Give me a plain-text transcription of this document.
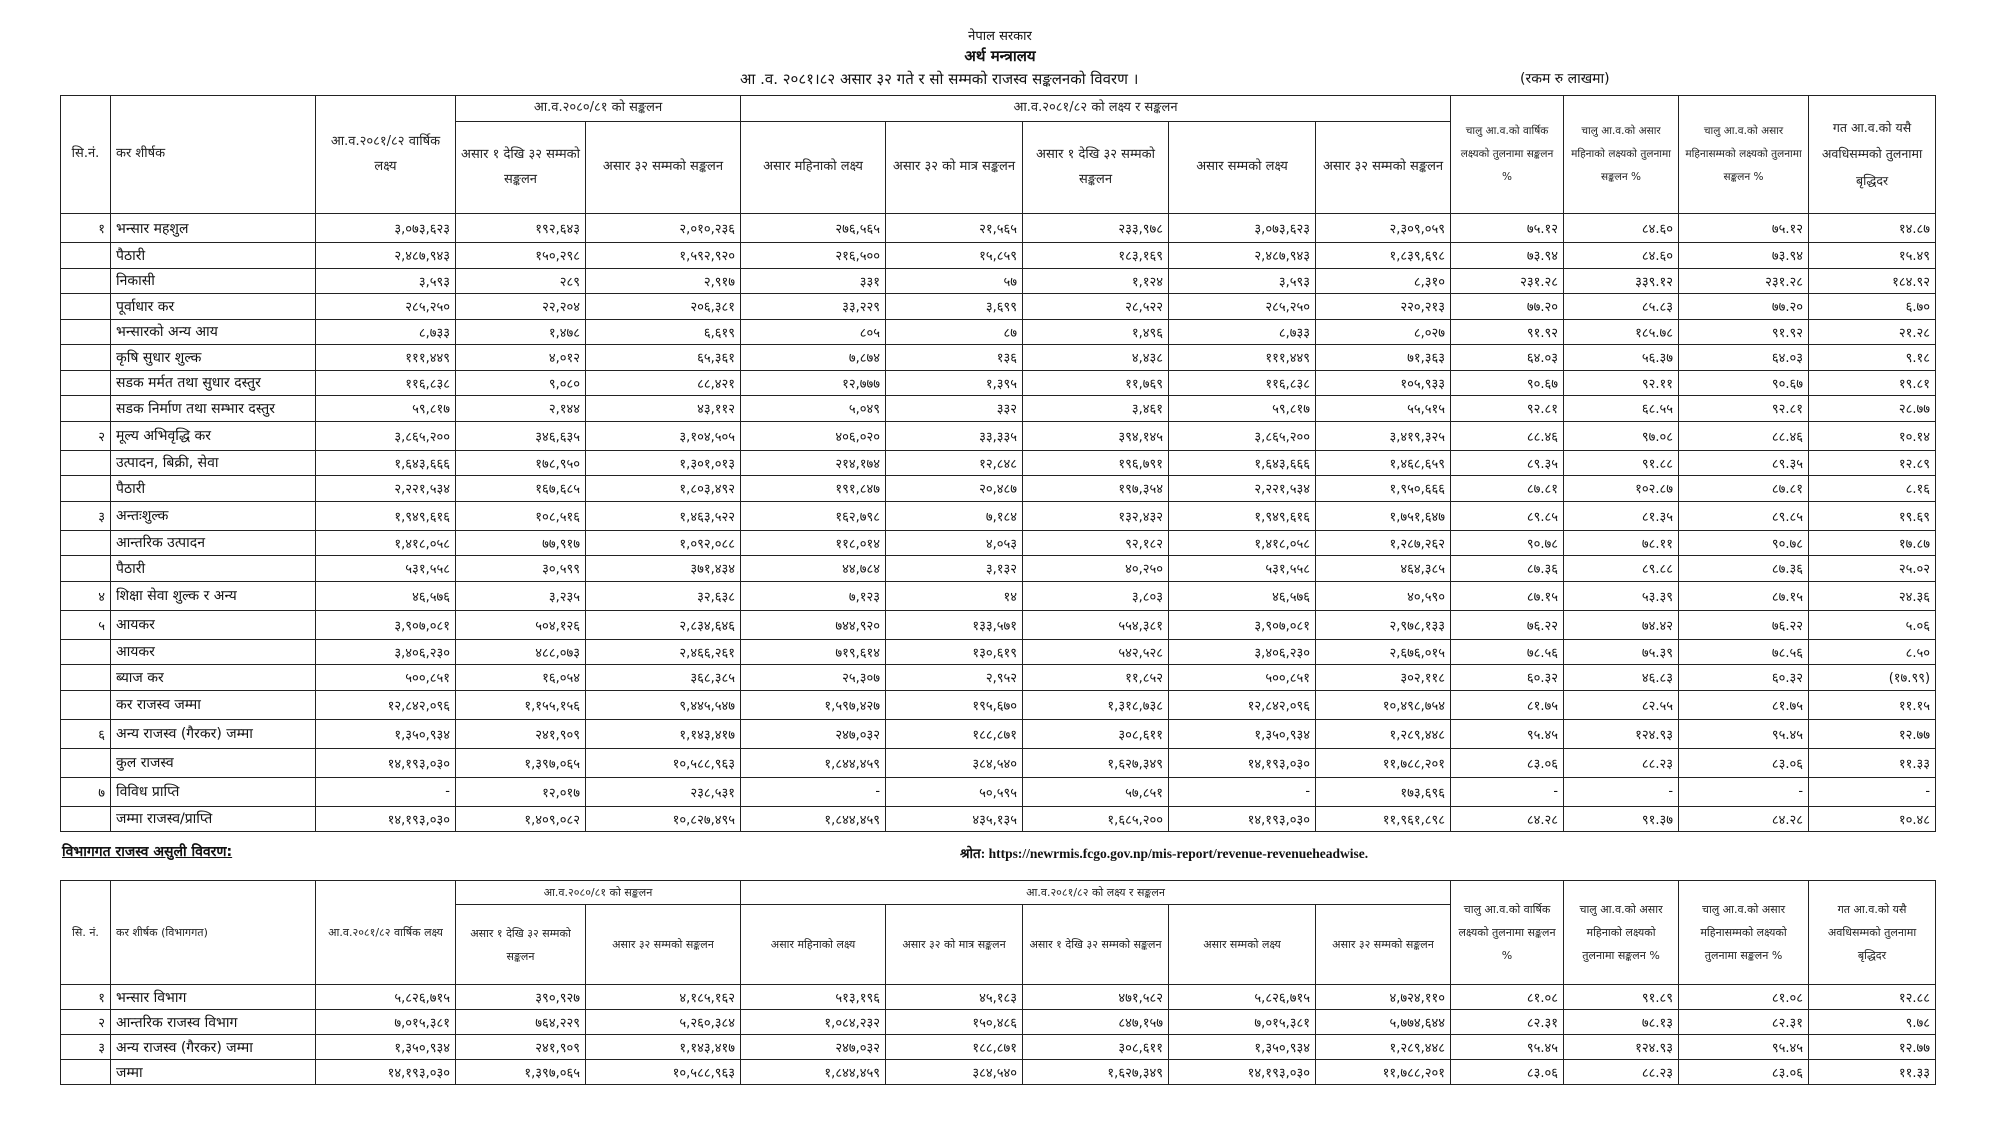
नेपाल सरकार
अर्थ मन्त्रालय
आ .व. २०८१।८२ असार ३२ गते र सो सम्मको राजस्व सङ्कलनको विवरण ।	(रकम रु लाखमा)
सि.नं.	कर शीर्षक	आ.व.२०८१/८२ वार्षिक लक्ष्य	आ.व.२०८०/८१ को सङ्कलन		आ.व.२०८१/८२ को लक्ष्य र सङ्कलन					चालु आ.व.को वार्षिक लक्ष्यको तुलनामा सङ्कलन %	चालु आ.व.को असार महिनाको लक्ष्यको तुलनामा सङ्कलन %	चालु आ.व.को असार महिनासम्मको लक्ष्यको तुलनामा सङ्कलन %	गत आ.व.को यसै अवधिसम्मको तुलनामा बृद्धिदर
			असार १ देखि ३२ सम्मको सङ्कलन	असार ३२ सम्मको सङ्कलन	असार महिनाको लक्ष्य	असार ३२ को मात्र सङ्कलन	असार १ देखि ३२ सम्मको सङ्कलन	असार सम्मको लक्ष्य	असार ३२ सम्मको सङ्कलन				
१	भन्सार महशुल	३,०७३,६२३	१९२,६४३	२,०१०,२३६	२७६,५६५	२१,५६५	२३३,९७८	३,०७३,६२३	२,३०९,०५९	७५.१२	८४.६०	७५.१२	१४.८७
	पैठारी	२,४८७,९४३	१५०,२९८	१,५९२,९२०	२१६,५००	१५,८५९	१८३,१६९	२,४८७,९४३	१,८३९,६९८	७३.९४	८४.६०	७३.९४	१५.४९
	निकासी	३,५९३	२८९	२,९१७	३३१	५७	१,१२४	३,५९३	८,३१०	२३१.२८	३३९.१२	२३१.२८	१८४.९२
	पूर्वाधार कर	२८५,२५०	२२,२०४	२०६,३८१	३३,२२९	३,६९९	२८,५२२	२८५,२५०	२२०,२१३	७७.२०	८५.८३	७७.२०	६.७०
	भन्सारको अन्य आय	८,७३३	१,४७८	६,६१९	८०५	८७	१,४९६	८,७३३	८,०२७	९१.९२	१८५.७८	९१.९२	२१.२८
	कृषि सुधार शुल्क	१११,४४९	४,०१२	६५,३६१	७,८७४	१३६	४,४३८	१११,४४९	७१,३६३	६४.०३	५६.३७	६४.०३	९.१८
	सडक मर्मत तथा सुधार दस्तुर	११६,८३८	९,०८०	८८,४२१	१२,७७७	१,३९५	११,७६९	११६,८३८	१०५,९३३	९०.६७	९२.११	९०.६७	१९.८१
	सडक निर्माण तथा सम्भार दस्तुर	५९,८१७	२,१४४	४३,११२	५,०४९	३३२	३,४६१	५९,८१७	५५,५१५	९२.८१	६८.५५	९२.८१	२८.७७
२	मूल्य अभिवृद्धि कर	३,८६५,२००	३४६,६३५	३,१०४,५०५	४०६,०२०	३३,३३५	३९४,१४५	३,८६५,२००	३,४१९,३२५	८८.४६	९७.०८	८८.४६	१०.१४
	उत्पादन, बिक्री, सेवा	१,६४३,६६६	१७८,९५०	१,३०१,०१३	२१४,१७४	१२,८४८	१९६,७९१	१,६४३,६६६	१,४६८,६५९	८९.३५	९१.८८	८९.३५	१२.८९
	पैठारी	२,२२१,५३४	१६७,६८५	१,८०३,४९२	१९१,८४७	२०,४८७	१९७,३५४	२,२२१,५३४	१,९५०,६६६	८७.८१	१०२.८७	८७.८१	८.१६
३	अन्तःशुल्क	१,९४९,६१६	१०८,५१६	१,४६३,५२२	१६२,७९८	७,१८४	१३२,४३२	१,९४९,६१६	१,७५१,६४७	८९.८५	८१.३५	८९.८५	१९.६९
	आन्तरिक उत्पादन	१,४१८,०५८	७७,९१७	१,०९२,०८८	११८,०१४	४,०५३	९२,१८२	१,४१८,०५८	१,२८७,२६२	९०.७८	७८.११	९०.७८	१७.८७
	पैठारी	५३१,५५८	३०,५९९	३७१,४३४	४४,७८४	३,१३२	४०,२५०	५३१,५५८	४६४,३८५	८७.३६	८९.८८	८७.३६	२५.०२
४	शिक्षा सेवा शुल्क र अन्य	४६,५७६	३,२३५	३२,६३८	७,१२३	१४	३,८०३	४६,५७६	४०,५९०	८७.१५	५३.३९	८७.१५	२४.३६
५	आयकर	३,९०७,०८१	५०४,१२६	२,८३४,६४६	७४४,९२०	१३३,५७१	५५४,३८१	३,९०७,०८१	२,९७८,१३३	७६.२२	७४.४२	७६.२२	५.०६
	आयकर	३,४०६,२३०	४८८,०७३	२,४६६,२६१	७१९,६१४	१३०,६१९	५४२,५२८	३,४०६,२३०	२,६७६,०१५	७८.५६	७५.३९	७८.५६	८.५०
	ब्याज कर	५००,८५१	१६,०५४	३६८,३८५	२५,३०७	२,९५२	११,८५२	५००,८५१	३०२,११८	६०.३२	४६.८३	६०.३२	(१७.९९)
	कर राजस्व जम्मा	१२,८४२,०९६	१,१५५,१५६	९,४४५,५४७	१,५९७,४२७	१९५,६७०	१,३१८,७३८	१२,८४२,०९६	१०,४९८,७५४	८१.७५	८२.५५	८१.७५	११.१५
६	अन्य राजस्व (गैरकर) जम्मा	१,३५०,९३४	२४१,९०९	१,१४३,४१७	२४७,०३२	१८८,८७१	३०८,६११	१,३५०,९३४	१,२८९,४४८	९५.४५	१२४.९३	९५.४५	१२.७७
	कुल राजस्व	१४,१९३,०३०	१,३९७,०६५	१०,५८८,९६३	१,८४४,४५९	३८४,५४०	१,६२७,३४९	१४,१९३,०३०	११,७८८,२०१	८३.०६	८८.२३	८३.०६	११.३३
७	विविध प्राप्ति	-	१२,०१७	२३८,५३१	-	५०,५९५	५७,८५१	-	१७३,६९६	-	-	-	-
	जम्मा राजस्व/प्राप्ति	१४,१९३,०३०	१,४०९,०८२	१०,८२७,४९५	१,८४४,४५९	४३५,१३५	१,६८५,२००	१४,१९३,०३०	११,९६१,८९८	८४.२८	९१.३७	८४.२८	१०.४८
विभागगत राजस्व असुली विवरण:	श्रोत: https://newrmis.fcgo.gov.np/mis-report/revenue-revenueheadwise.
सि. नं.	कर शीर्षक (विभागगत)	आ.व.२०८१/८२ वार्षिक लक्ष्य	आ.व.२०८०/८१ को सङ्कलन		आ.व.२०८१/८२ को लक्ष्य र सङ्कलन					चालु आ.व.को वार्षिक लक्ष्यको तुलनामा सङ्कलन %	चालु आ.व.को असार महिनाको लक्ष्यको तुलनामा सङ्कलन %	चालु आ.व.को असार महिनासम्मको लक्ष्यको तुलनामा सङ्कलन %	गत आ.व.को यसै अवधिसम्मको तुलनामा बृद्धिदर
			असार १ देखि ३२ सम्मको सङ्कलन	असार ३२ सम्मको सङ्कलन	असार महिनाको लक्ष्य	असार ३२ को मात्र सङ्कलन	असार १ देखि ३२ सम्मको सङ्कलन	असार सम्मको लक्ष्य	असार ३२ सम्मको सङ्कलन				
१	भन्सार विभाग	५,८२६,७१५	३९०,९२७	४,१८५,१६२	५१३,१९६	४५,१८३	४७१,५८२	५,८२६,७१५	४,७२४,११०	८१.०८	९१.८९	८१.०८	१२.८८
२	आन्तरिक राजस्व विभाग	७,०१५,३८१	७६४,२२९	५,२६०,३८४	१,०८४,२३२	१५०,४८६	८४७,१५७	७,०१५,३८१	५,७७४,६४४	८२.३१	७८.१३	८२.३१	९.७८
३	अन्य राजस्व (गैरकर) जम्मा	१,३५०,९३४	२४१,९०९	१,१४३,४१७	२४७,०३२	१८८,८७१	३०८,६११	१,३५०,९३४	१,२८९,४४८	९५.४५	१२४.९३	९५.४५	१२.७७
	जम्मा	१४,१९३,०३०	१,३९७,०६५	१०,५८८,९६३	१,८४४,४५९	३८४,५४०	१,६२७,३४९	१४,१९३,०३०	११,७८८,२०१	८३.०६	८८.२३	८३.०६	११.३३
